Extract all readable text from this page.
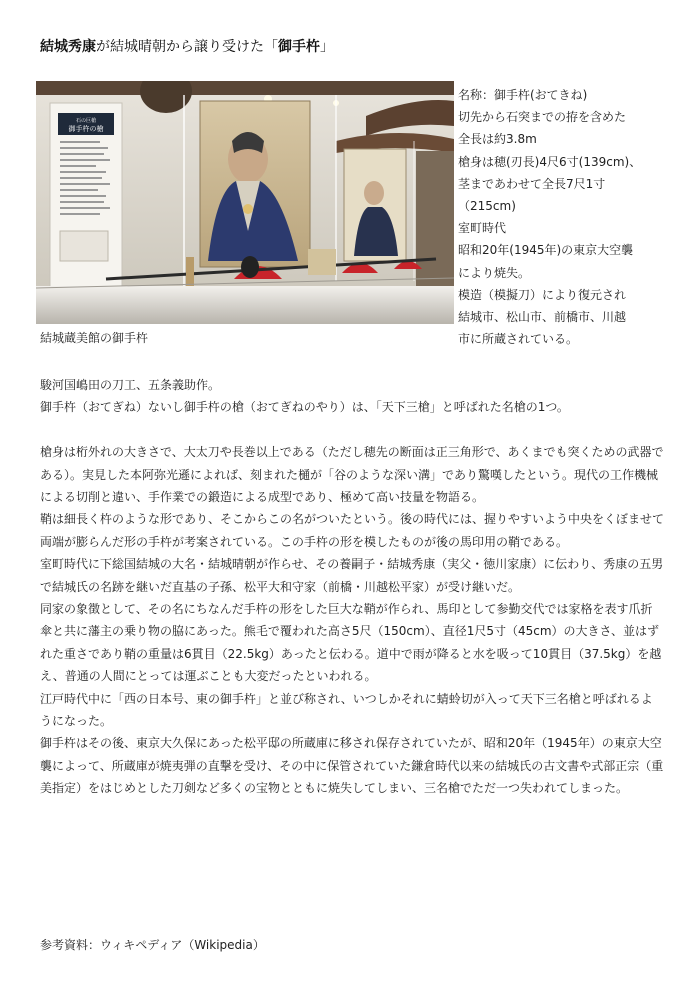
結城秀康が結城晴朝から譲り受けた「御手杵」
石の巨槍
御手杵の槍
結城蔵美館の御手杵
名称：御手杵(おてきね)
切先から石突までの拵を含めた
全長は約3.8m
槍身は穂(刃長)4尺6寸(139cm)、
茎まであわせて全長7尺1寸
（215cm)
室町時代
昭和20年(1945年)の東京大空襲
により焼失。
模造（模擬刀）により復元され
結城市、松山市、前橋市、川越
市に所蔵されている。

駿河国嶋田の刀工、五条義助作。

御手杵（おてぎね）ないし御手杵の槍（おてぎねのやり）は、「天下三槍」と呼ばれた名槍の1つ。

槍身は桁外れの大きさで、大太刀や長巻以上である（ただし穂先の断面は正三角形で、あくまでも突くための武器である）。実見した本阿弥光遜によれば、刻まれた樋が「谷のような深い溝」であり驚嘆したという。現代の工作機械による切削と違い、手作業での鍛造による成型であり、極めて高い技量を物語る。

鞘は細長く杵のような形であり、そこからこの名がついたという。後の時代には、握りやすいよう中央をくぼませて両端が膨らんだ形の手杵が考案されている。この手杵の形を模したものが後の馬印用の鞘である。

室町時代に下総国結城の大名・結城晴朝が作らせ、その養嗣子・結城秀康（実父・徳川家康）に伝わり、秀康の五男で結城氏の名跡を継いだ直基の子孫、松平大和守家（前橋・川越松平家）が受け継いだ。

同家の象徴として、その名にちなんだ手杵の形をした巨大な鞘が作られ、馬印として参勤交代では家格を表す爪折傘と共に藩主の乗り物の脇にあった。熊毛で覆われた高さ5尺（150cm）、直径1尺5寸（45cm）の大きさ、並はずれた重さであり鞘の重量は6貫目（22.5kg）あったと伝わる。道中で雨が降ると水を吸って10貫目（37.5kg）を越え、普通の人間にとっては運ぶことも大変だったといわれる。

江戸時代中に「西の日本号、東の御手杵」と並び称され、いつしかそれに蜻蛉切が入って天下三名槍と呼ばれるようになった。

御手杵はその後、東京大久保にあった松平邸の所蔵庫に移され保存されていたが、昭和20年（1945年）の東京大空襲によって、所蔵庫が焼夷弾の直撃を受け、その中に保管されていた鎌倉時代以来の結城氏の古文書や式部正宗（重美指定）をはじめとした刀剣など多くの宝物とともに焼失してしまい、三名槍でただ一つ失われてしまった。

参考資料：ウィキペディア（Wikipedia）
